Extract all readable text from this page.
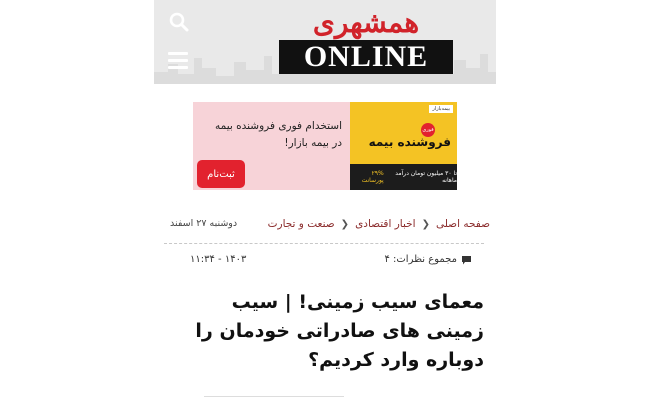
همشهری
ONLINE
استخدام فوری فروشنده بیمه در بیمه بازار!
ثبت‌نام
بیمه‌بازار
فوری
فروشنده بیمه
تا ۳۰ میلیون تومان درآمد ماهانه
۲۹% پورسانت
صفحه اصلی
❮
اخبار اقتصادی
❮
صنعت و تجارت
دوشنبه ۲۷ اسفند
مجموع نظرات: ۴
۱۴۰۳ - ۱۱:۳۴
معمای سیب زمینی! | سیب زمینی های صادراتی خودمان را دوباره وارد کردیم؟
